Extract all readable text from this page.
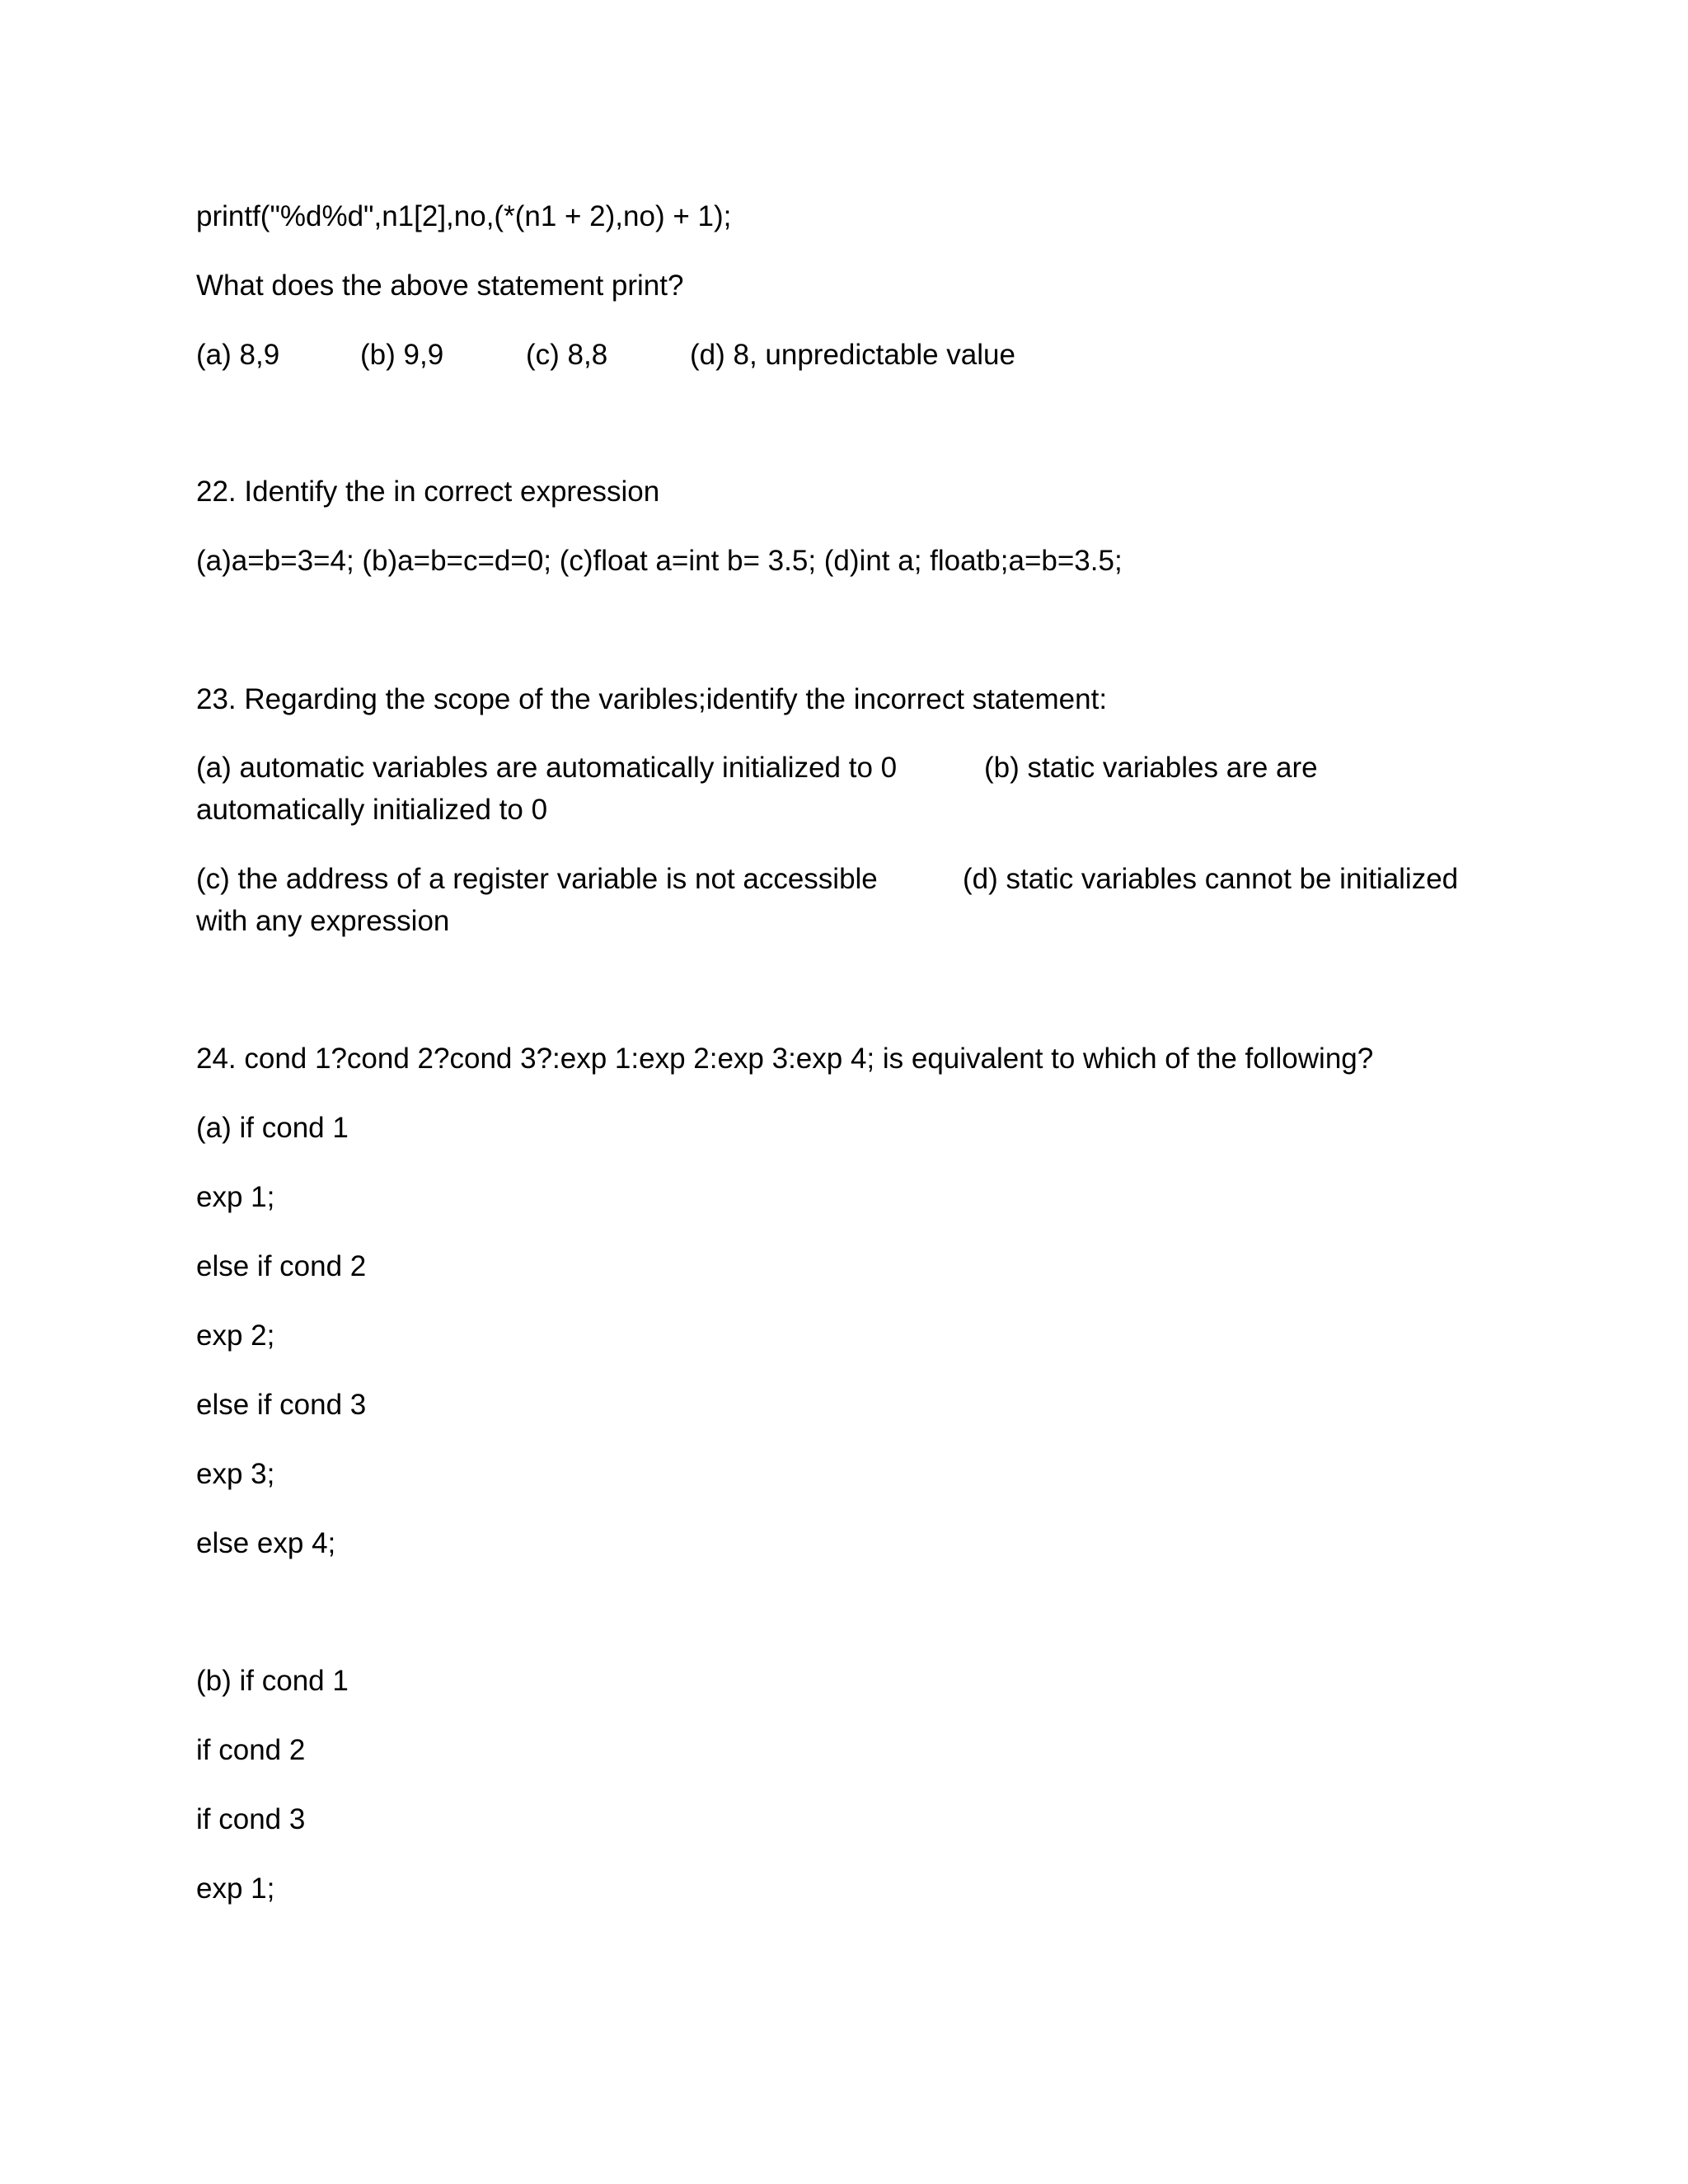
printf("%d%d",n1[2],no,(*(n1 + 2),no) + 1);
What does the above statement print?
(a) 8,9	(b) 9,9	(c) 8,8	(d) 8, unpredictable value
22. Identify the in correct expression
(a)a=b=3=4; (b)a=b=c=d=0; (c)float a=int b= 3.5; (d)int a; floatb;a=b=3.5;
23. Regarding the scope of the varibles;identify the incorrect statement:
(a) automatic variables are automatically initialized to 0	(b) static variables are are
automatically initialized to 0
(c) the address of a register variable is not accessible	(d) static variables cannot be initialized
with any expression
24. cond 1?cond 2?cond 3?:exp 1:exp 2:exp 3:exp 4; is equivalent to which of the following?
(a) if cond 1
exp 1;
else if cond 2
exp 2;
else if cond 3
exp 3;
else exp 4;
(b) if cond 1
if cond 2
if cond 3
exp 1;
